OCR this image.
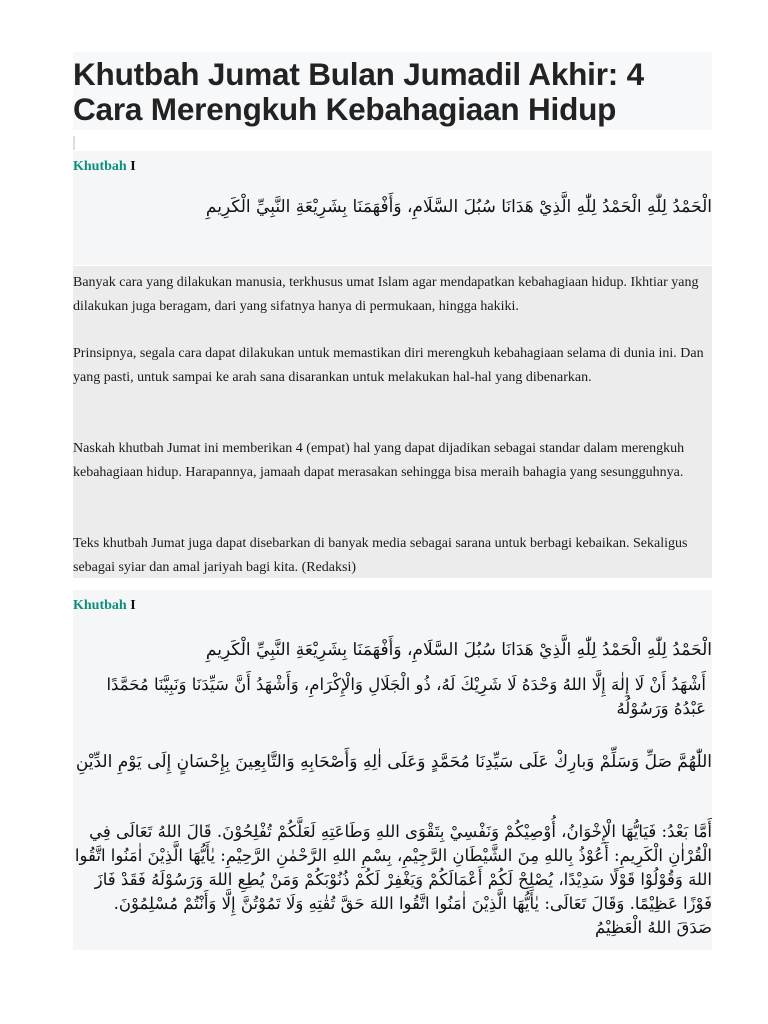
Khutbah Jumat Bulan Jumadil Akhir: 4 Cara Merengkuh Kebahagiaan Hidup
Khutbah I
الْحَمْدُ لِلّٰهِ الْحَمْدُ لِلّٰهِ الَّذِيْ هَدَانَا سُبُلَ السَّلَامِ، وَأَفْهَمَنَا بِشَرِيْعَةِ النَّبِيِّ الْكَرِيمِ

Banyak cara yang dilakukan manusia, terkhusus umat Islam agar mendapatkan kebahagiaan hidup. Ikhtiar yang dilakukan juga beragam, dari yang sifatnya hanya di permukaan, hingga hakiki.

Prinsipnya, segala cara dapat dilakukan untuk memastikan diri merengkuh kebahagiaan selama di dunia ini. Dan yang pasti, untuk sampai ke arah sana disarankan untuk melakukan hal-hal yang dibenarkan.

Naskah khutbah Jumat ini memberikan 4 (empat) hal yang dapat dijadikan sebagai standar dalam merengkuh kebahagiaan hidup. Harapannya, jamaah dapat merasakan sehingga bisa meraih bahagia yang sesungguhnya.

Teks khutbah Jumat juga dapat disebarkan di banyak media sebagai sarana untuk berbagi kebaikan. Sekaligus sebagai syiar dan amal jariyah bagi kita. (Redaksi)

Khutbah I
الْحَمْدُ لِلّٰهِ الْحَمْدُ لِلّٰهِ الَّذِيْ هَدَانَا سُبُلَ السَّلَامِ، وَأَفْهَمَنَا بِشَرِيْعَةِ النَّبِيِّ الْكَرِيمِ
أَشْهَدُ أَنْ لَا إِلٰهَ إِلَّا اللهُ وَحْدَهُ لَا شَرِيْكَ لَهُ، ذُو الْجَلَالِ وَالْإِكْرَامِ، وَأَشْهَدُ أَنَّ سَيِّدَنَا وَنَبِيَّنَا مُحَمَّدًا عَبْدُهُ وَرَسُوْلُهُ
اللّٰهُمَّ صَلِّ وَسَلِّمْ وَبارِكْ عَلَى سَيِّدِنَا مُحَمَّدٍ وَعَلَى اٰلِهِ وَأَصْحَابِهِ وَالتَّابِعِينَ بِإِحْسَانٍ إِلَى يَوْمِ الدِّيْنِ
أَمَّا بَعْدُ: فَيَايُّهَا الْإِخْوَانُ، أُوْصِيْكُمْ وَنَفْسِيْ بِتَقْوَى اللهِ وَطَاعَتِهِ لَعَلَّكُمْ تُفْلِحُوْنَ. قَالَ اللهُ تَعَالَى فِي الْقُرْاٰنِ الْكَرِيمِ: أَعُوْذُ بِاللهِ مِنَ الشَّيْطَانِ الرَّجِيْمِ، بِسْمِ اللهِ الرَّحْمٰنِ الرَّحِيْمِ: يٰأَيُّهَا الَّذِيْنَ اٰمَنُوا اتَّقُوا اللهَ وَقُوْلُوْا قَوْلًا سَدِيْدًا، يُصْلِحْ لَكُمْ أَعْمَالَكُمْ وَيَغْفِرْ لَكُمْ ذُنُوْبَكُمْ وَمَنْ يُطِعِ اللهَ وَرَسُوْلَهُ فَقَدْ فَازَ فَوْزًا عَظِيْمًا. وَقَالَ تَعَالَى: يٰأَيُّهَا الَّذِيْنَ اٰمَنُوا اتَّقُوا اللهَ حَقَّ تُقٰتِهِ وَلَا تَمُوْتُنَّ إِلَّا وَأَنْتُمْ مُسْلِمُوْنَ. صَدَقَ اللهُ الْعَظِيْمُ
